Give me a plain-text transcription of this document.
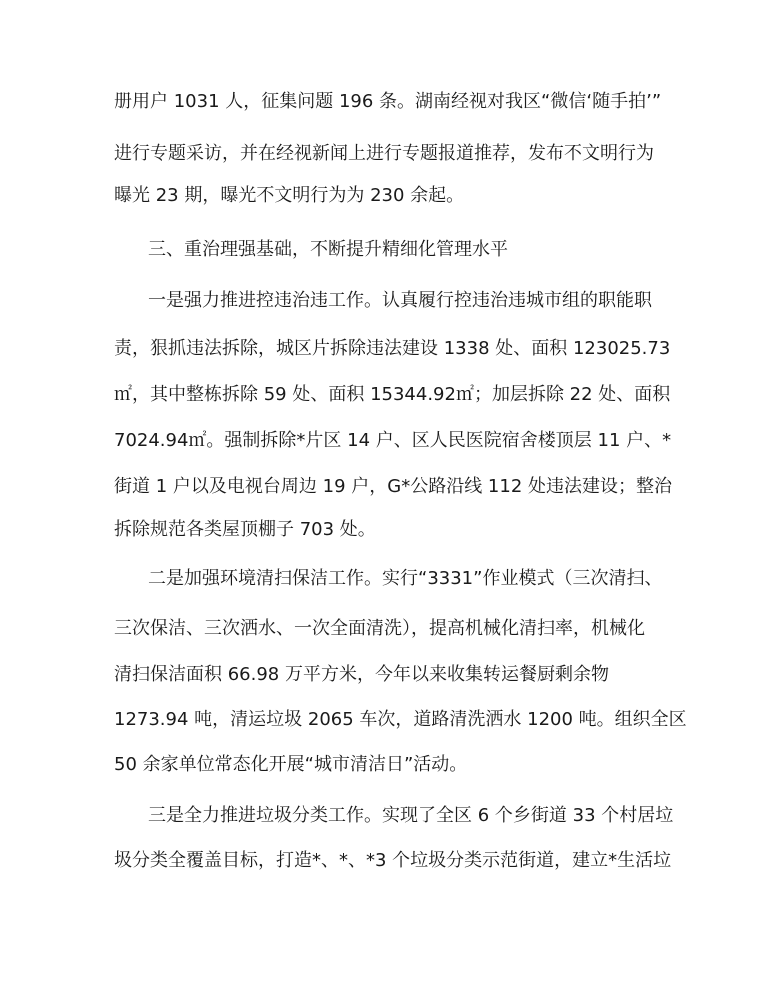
册用户 1031 人，征集问题 196 条。湖南经视对我区“微信‘随手拍’”
进行专题采访，并在经视新闻上进行专题报道推荐，发布不文明行为
曝光 23 期，曝光不文明行为为 230 余起。
三、重治理强基础，不断提升精细化管理水平
一是强力推进控违治违工作。认真履行控违治违城市组的职能职
责，狠抓违法拆除，城区片拆除违法建设 1338 处、面积 123025.73
㎡，其中整栋拆除 59 处、面积 15344.92㎡；加层拆除 22 处、面积
7024.94㎡。强制拆除*片区 14 户、区人民医院宿舍楼顶层 11 户、*
街道 1 户以及电视台周边 19 户，G*公路沿线 112 处违法建设；整治
拆除规范各类屋顶棚子 703 处。
二是加强环境清扫保洁工作。实行“3331”作业模式（三次清扫、
三次保洁、三次洒水、一次全面清洗），提高机械化清扫率，机械化
清扫保洁面积 66.98 万平方米，今年以来收集转运餐厨剩余物
1273.94 吨，清运垃圾 2065 车次，道路清洗洒水 1200 吨。组织全区
50 余家单位常态化开展“城市清洁日”活动。
三是全力推进垃圾分类工作。实现了全区 6 个乡街道 33 个村居垃
圾分类全覆盖目标，打造*、*、*3 个垃圾分类示范街道，建立*生活垃
